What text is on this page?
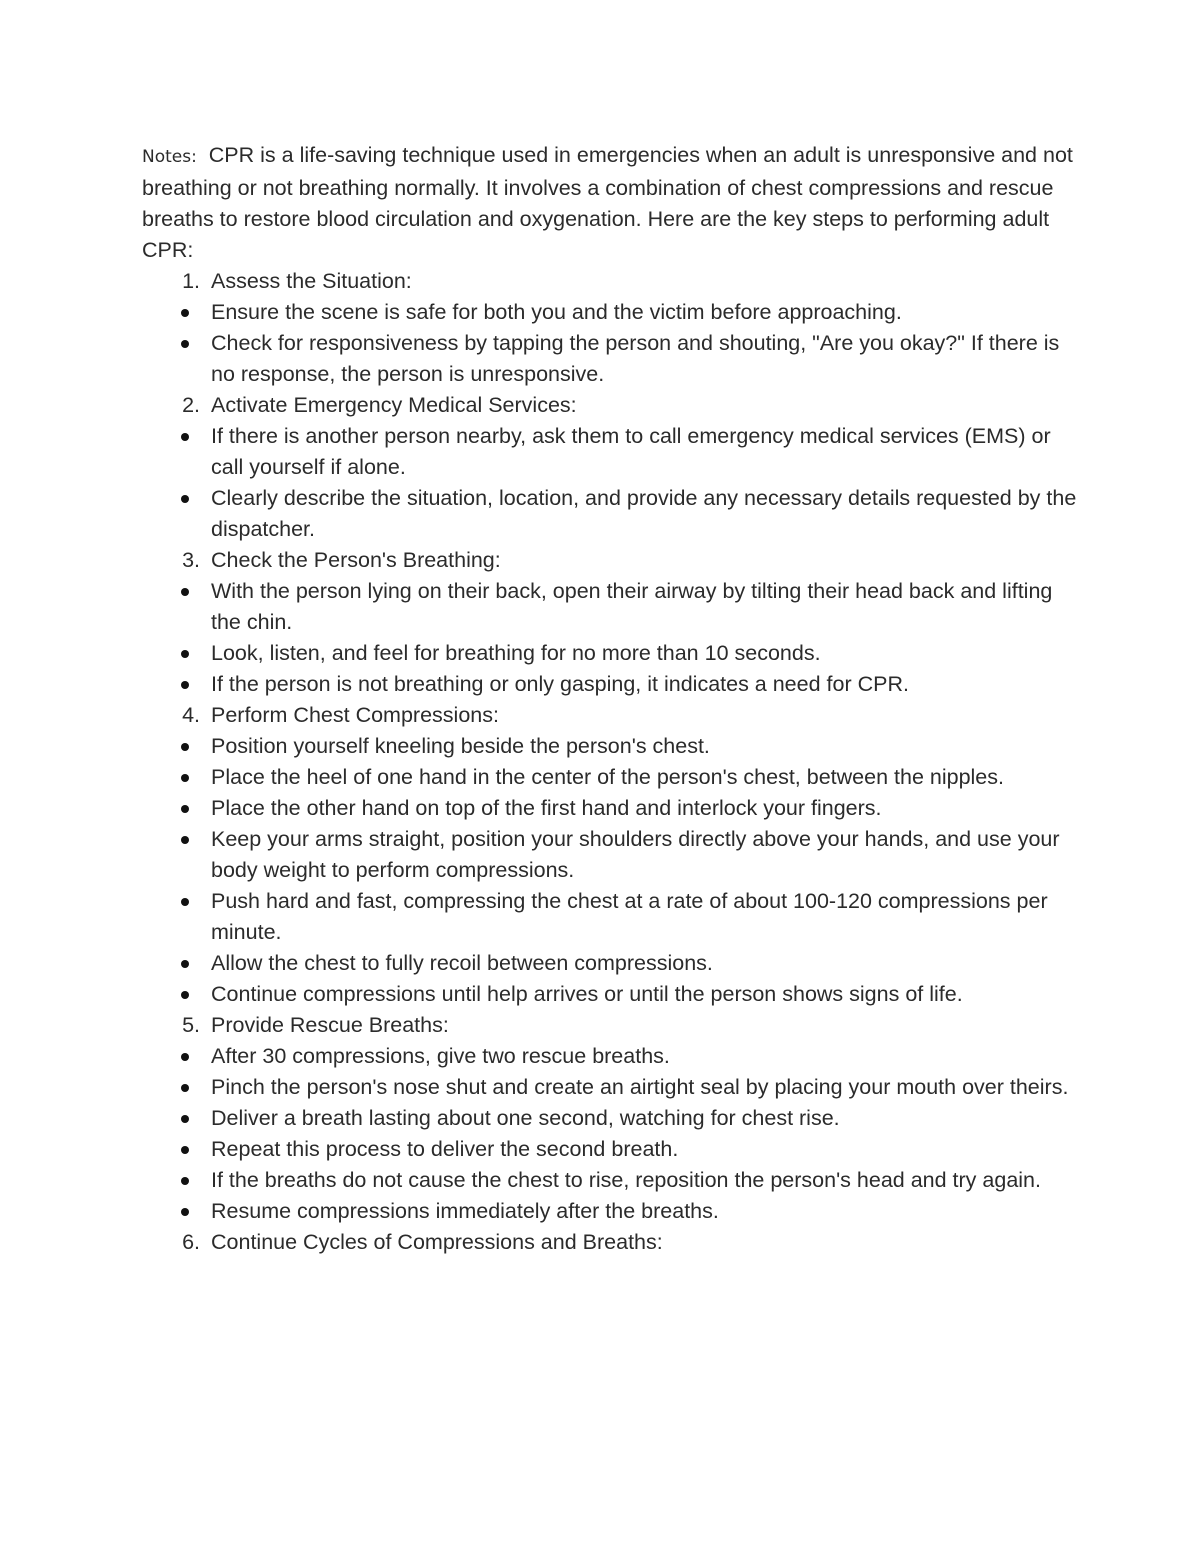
Notes: CPR is a life-saving technique used in emergencies when an adult is unresponsive and not breathing or not breathing normally. It involves a combination of chest compressions and rescue breaths to restore blood circulation and oxygenation. Here are the key steps to performing adult CPR:

1. Assess the Situation:
Ensure the scene is safe for both you and the victim before approaching.
Check for responsiveness by tapping the person and shouting, "Are you okay?" If there is no response, the person is unresponsive.
2. Activate Emergency Medical Services:
If there is another person nearby, ask them to call emergency medical services (EMS) or call yourself if alone.
Clearly describe the situation, location, and provide any necessary details requested by the dispatcher.
3. Check the Person's Breathing:
With the person lying on their back, open their airway by tilting their head back and lifting the chin.
Look, listen, and feel for breathing for no more than 10 seconds.
If the person is not breathing or only gasping, it indicates a need for CPR.
4. Perform Chest Compressions:
Position yourself kneeling beside the person's chest.
Place the heel of one hand in the center of the person's chest, between the nipples.
Place the other hand on top of the first hand and interlock your fingers.
Keep your arms straight, position your shoulders directly above your hands, and use your body weight to perform compressions.
Push hard and fast, compressing the chest at a rate of about 100-120 compressions per minute.
Allow the chest to fully recoil between compressions.
Continue compressions until help arrives or until the person shows signs of life.
5. Provide Rescue Breaths:
After 30 compressions, give two rescue breaths.
Pinch the person's nose shut and create an airtight seal by placing your mouth over theirs.
Deliver a breath lasting about one second, watching for chest rise.
Repeat this process to deliver the second breath.
If the breaths do not cause the chest to rise, reposition the person's head and try again.
Resume compressions immediately after the breaths.
6. Continue Cycles of Compressions and Breaths:
